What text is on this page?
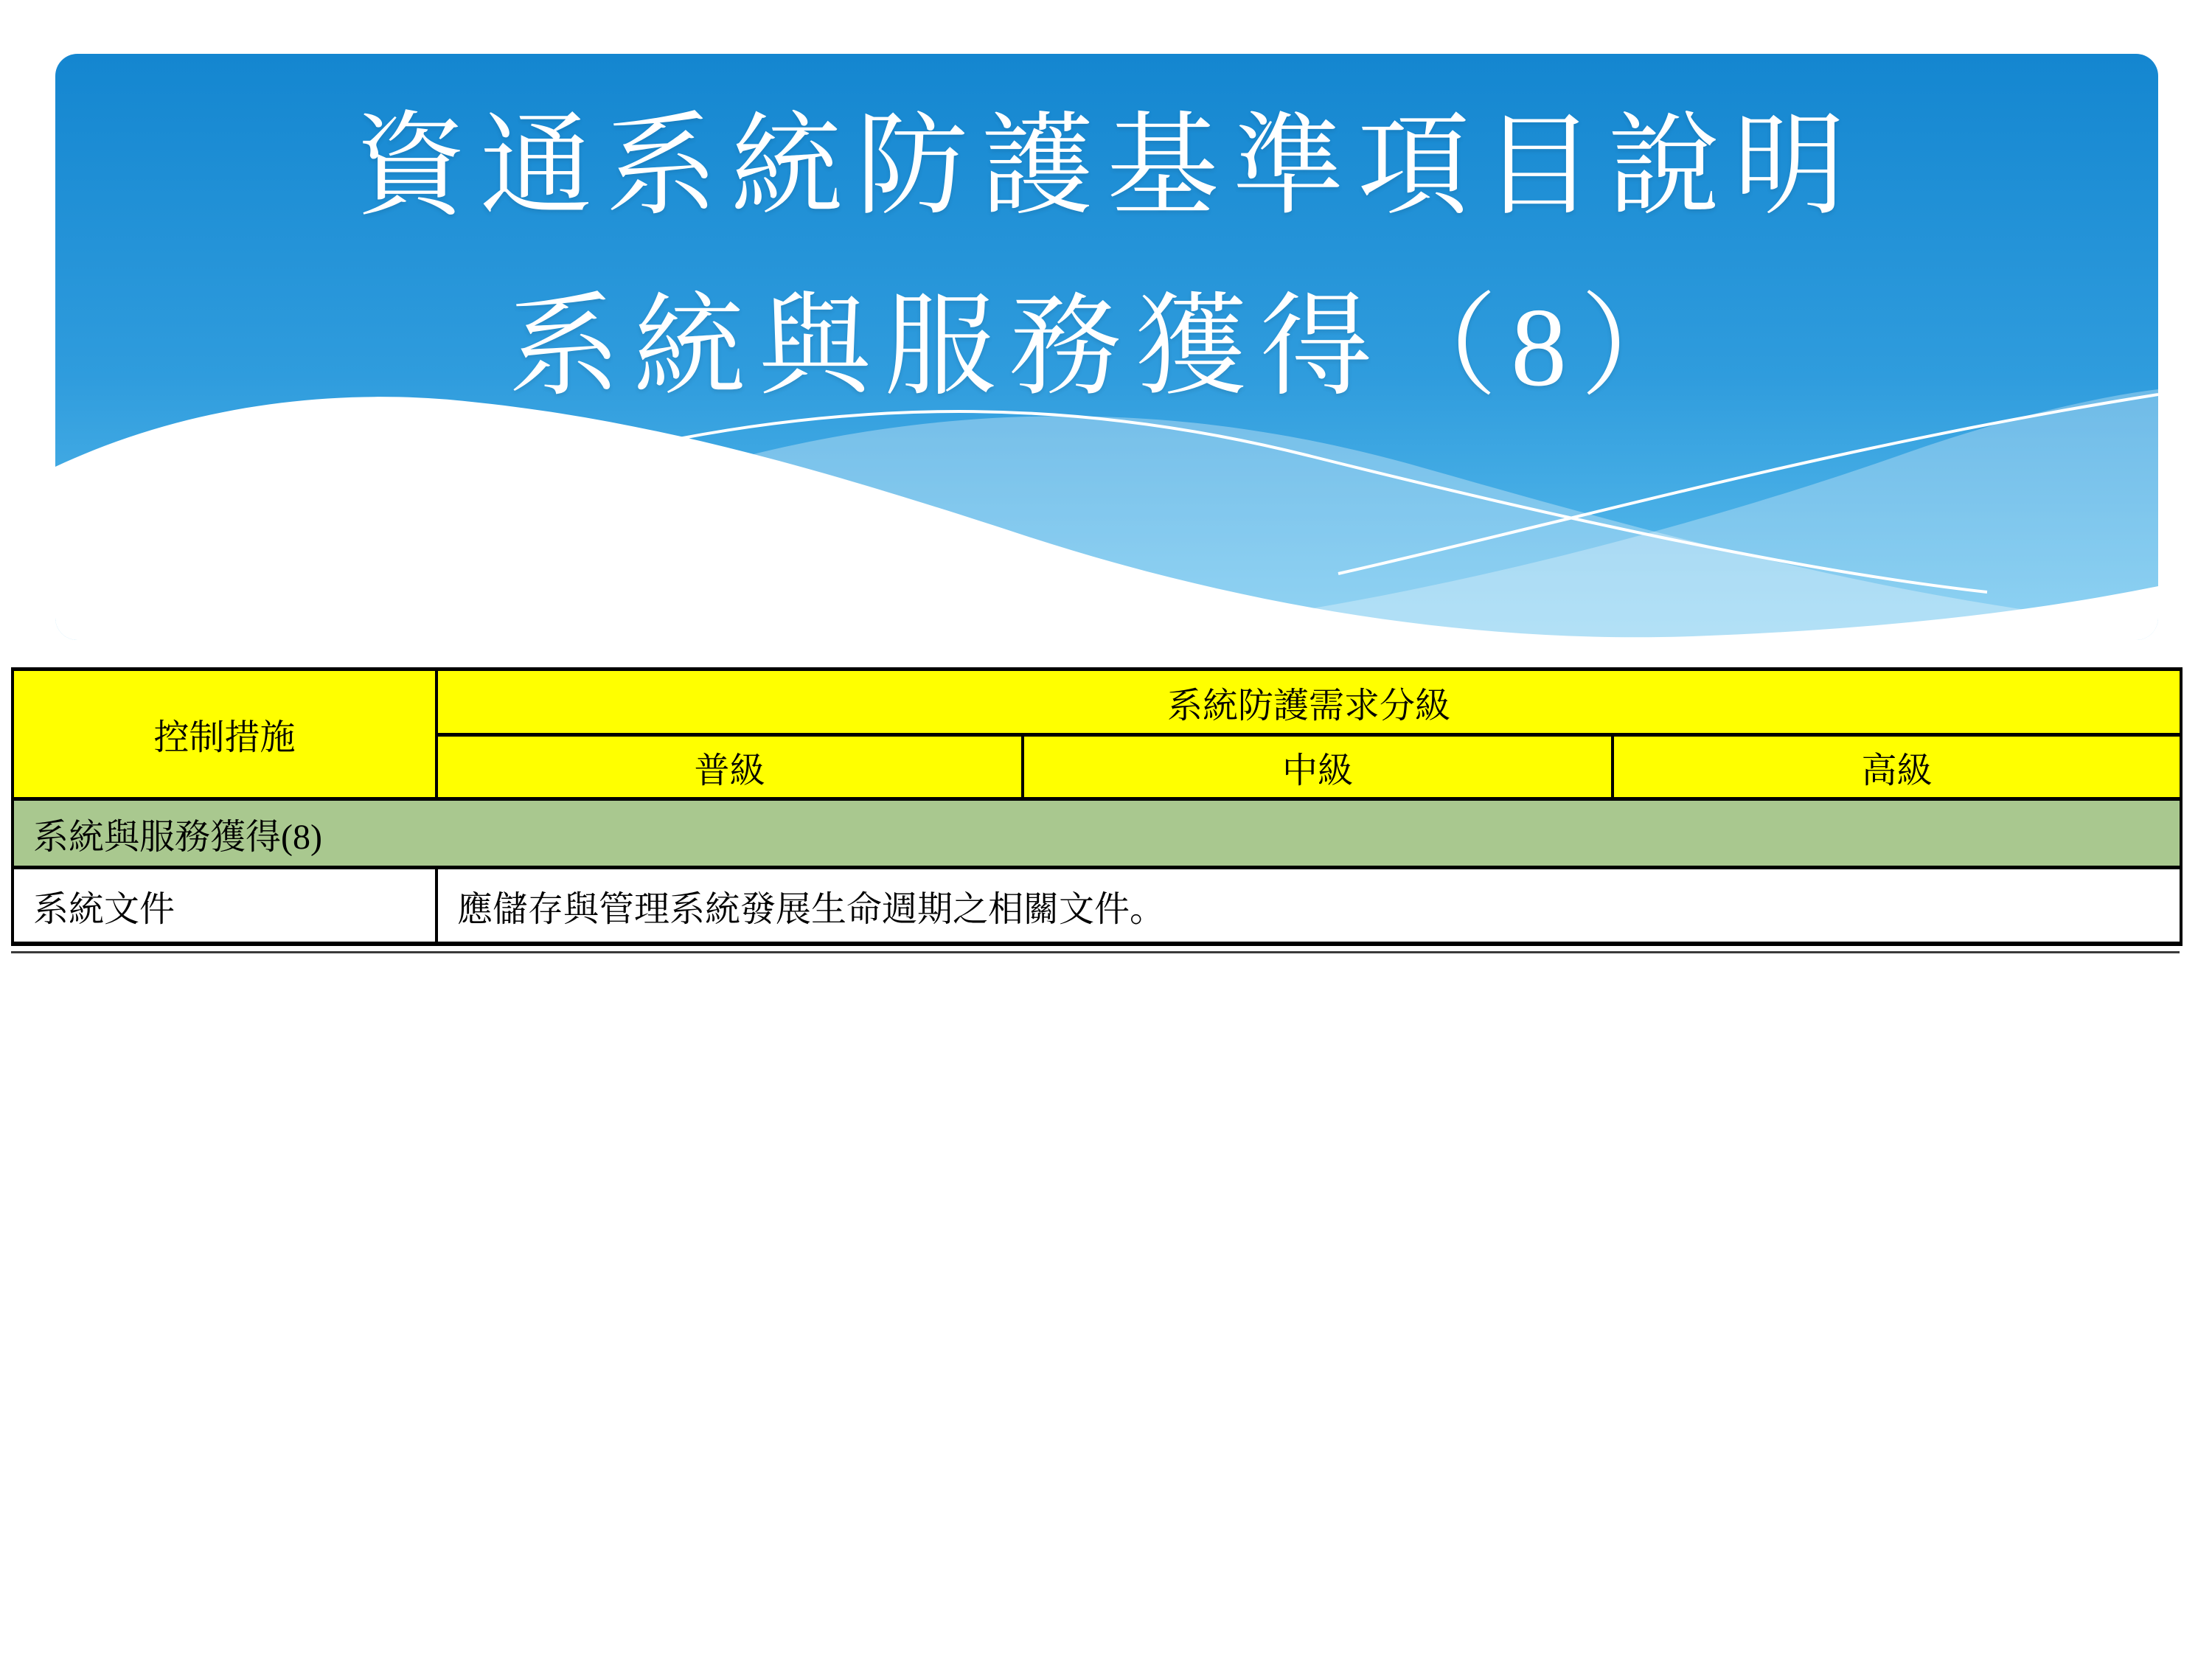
資通系統防護基準項目說明
系統與服務獲得（8）
控制措施	系統防護需求分級		
	普級	中級	高級
系統與服務獲得(8)			
系統文件	應儲存與管理系統發展生命週期之相關文件。		
